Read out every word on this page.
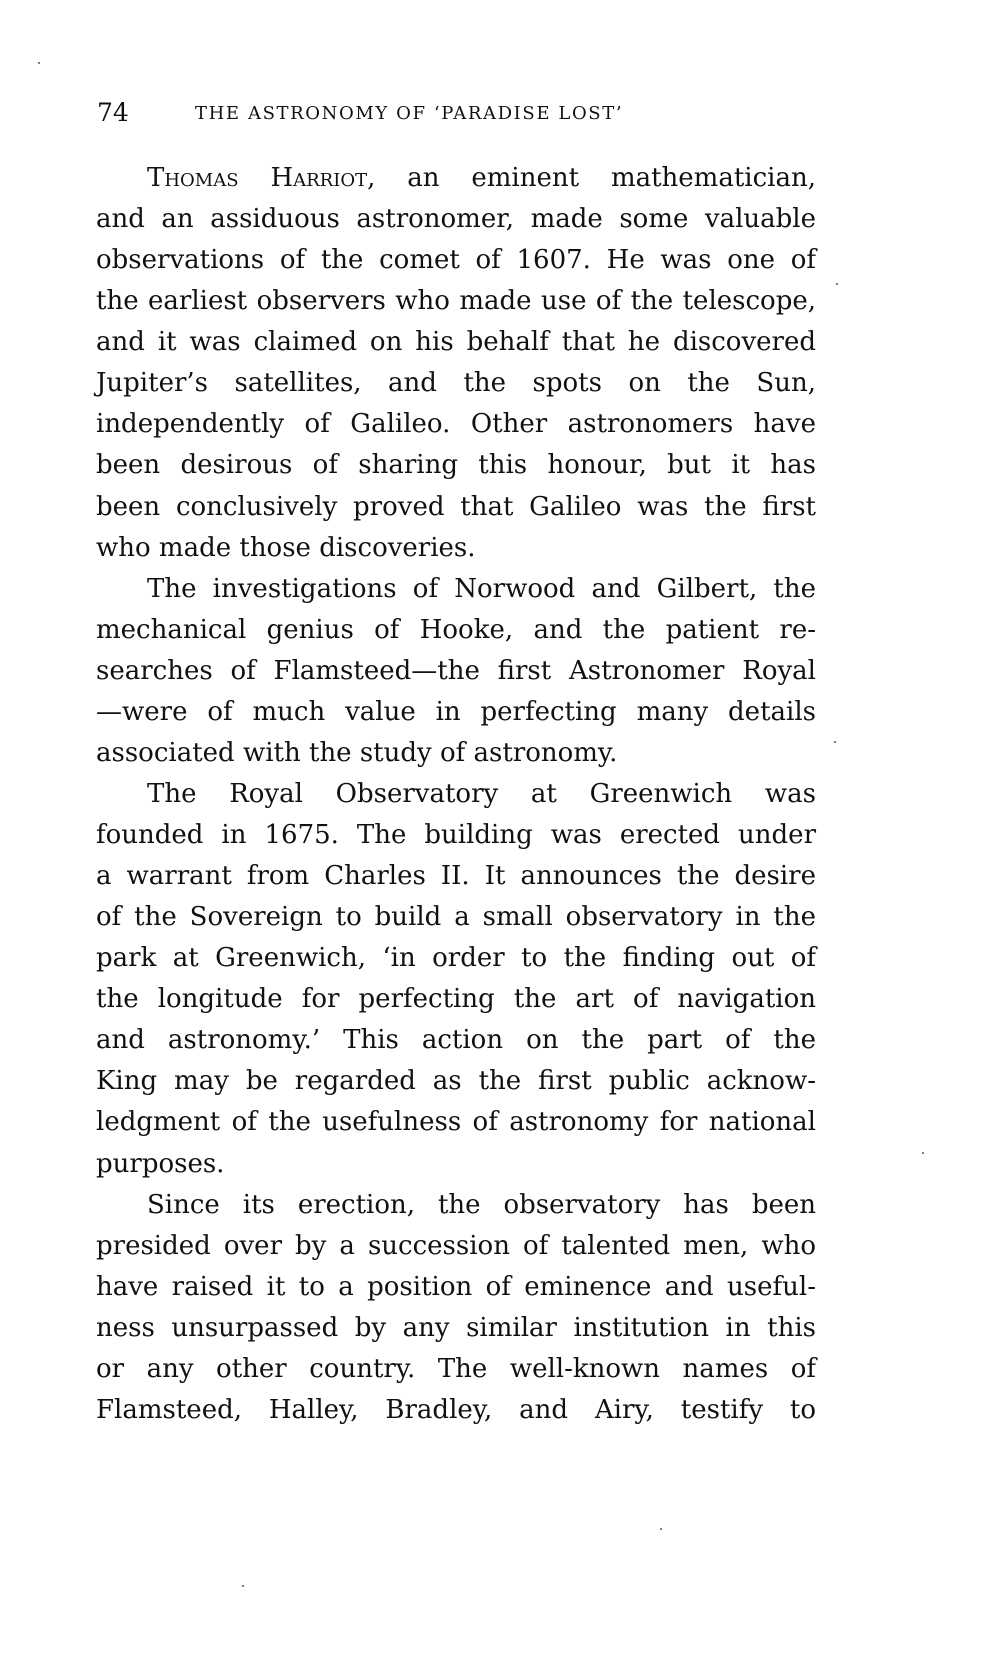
74	THE ASTRONOMY OF ‘PARADISE LOST’
Thomas Harriot, an eminent mathematician,
and an assiduous astronomer, made some valuable
observations of the comet of 1607. He was one of
the earliest observers who made use of the telescope,
and it was claimed on his behalf that he discovered
Jupiter’s satellites, and the spots on the Sun,
independently of Galileo. Other astronomers have
been desirous of sharing this honour, but it has
been conclusively proved that Galileo was the first
who made those discoveries.
The investigations of Norwood and Gilbert, the
mechanical genius of Hooke, and the patient re-
searches of Flamsteed—the first Astronomer Royal
—were of much value in perfecting many details
associated with the study of astronomy.
The Royal Observatory at Greenwich was
founded in 1675. The building was erected under
a warrant from Charles II. It announces the desire
of the Sovereign to build a small observatory in the
park at Greenwich, ‘in order to the finding out of
the longitude for perfecting the art of navigation
and astronomy.’ This action on the part of the
King may be regarded as the first public acknow-
ledgment of the usefulness of astronomy for national
purposes.
Since its erection, the observatory has been
presided over by a succession of talented men, who
have raised it to a position of eminence and useful-
ness unsurpassed by any similar institution in this
or any other country. The well-known names of
Flamsteed, Halley, Bradley, and Airy, testify to
